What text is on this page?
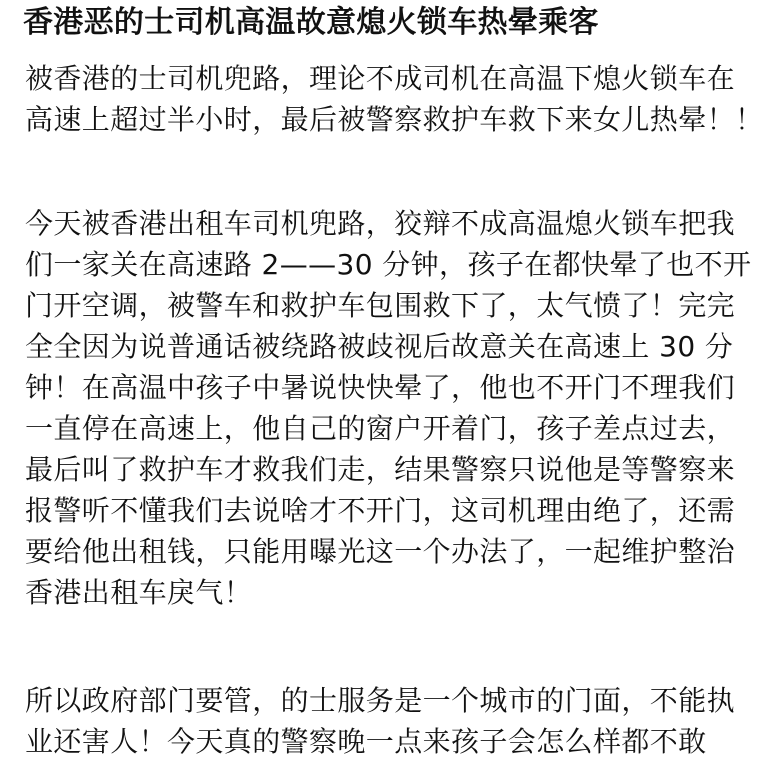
香港恶的士司机高温故意熄火锁车热晕乘客
被香港的士司机兜路，理论不成司机在高温下熄火锁车在
高速上超过半小时，最后被警察救护车救下来女儿热晕！！
今天被香港出租车司机兜路，狡辩不成高温熄火锁车把我
们一家关在高速路 2——30 分钟，孩子在都快晕了也不开
门开空调，被警车和救护车包围救下了，太气愤了！完完
全全因为说普通话被绕路被歧视后故意关在高速上 30 分
钟！在高温中孩子中暑说快快晕了，他也不开门不理我们
一直停在高速上，他自己的窗户开着门，孩子差点过去，
最后叫了救护车才救我们走，结果警察只说他是等警察来
报警听不懂我们去说啥才不开门，这司机理由绝了，还需
要给他出租钱，只能用曝光这一个办法了，一起维护整治
香港出租车戾气！
所以政府部门要管，的士服务是一个城市的门面，不能执
业还害人！今天真的警察晚一点来孩子会怎么样都不敢
